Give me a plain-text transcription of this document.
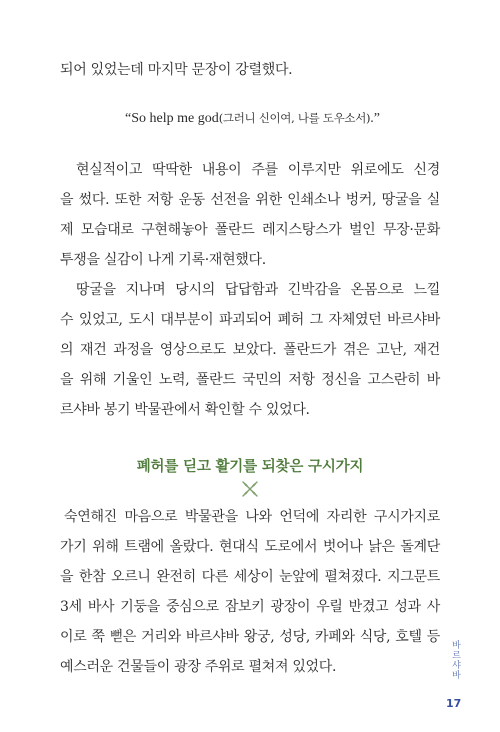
되어 있었는데 마지막 문장이 강렬했다.
“So help me god(그러니 신이여, 나를 도우소서).”
현실적이고 딱딱한 내용이 주를 이루지만 위로에도 신경
을 썼다. 또한 저항 운동 선전을 위한 인쇄소나 벙커, 땅굴을 실
제 모습대로 구현해놓아 폴란드 레지스탕스가 벌인 무장·문화
투쟁을 실감이 나게 기록·재현했다.
땅굴을 지나며 당시의 답답함과 긴박감을 온몸으로 느낄
수 있었고, 도시 대부분이 파괴되어 폐허 그 자체였던 바르샤바
의 재건 과정을 영상으로도 보았다. 폴란드가 겪은 고난, 재건
을 위해 기울인 노력, 폴란드 국민의 저항 정신을 고스란히 바
르샤바 봉기 박물관에서 확인할 수 있었다.
폐허를 딛고 활기를 되찾은 구시가지
숙연해진 마음으로 박물관을 나와 언덕에 자리한 구시가지로
가기 위해 트램에 올랐다. 현대식 도로에서 벗어나 낡은 돌계단
을 한참 오르니 완전히 다른 세상이 눈앞에 펼쳐졌다. 지그문트
3세 바사 기둥을 중심으로 잠보키 광장이 우릴 반겼고 성과 사
이로 쭉 뻗은 거리와 바르샤바 왕궁, 성당, 카페와 식당, 호텔 등
예스러운 건물들이 광장 주위로 펼쳐져 있었다.	바르샤바
17
